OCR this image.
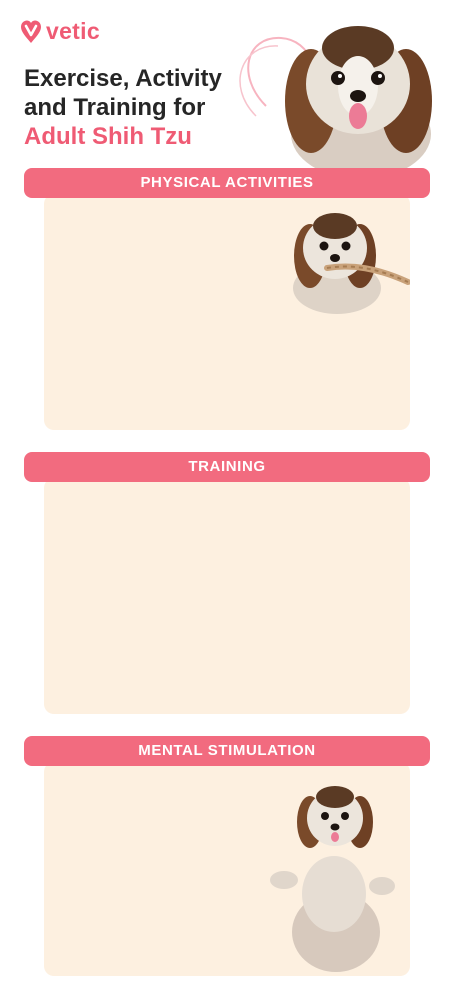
vetic
Exercise, Activity
and Training for
Adult Shih Tzu
PHYSICAL ACTIVITIES
•
•
•
•
•
•
•
TRAINING
•
•
•
•
•
•
MENTAL STIMULATION
•
•
•
•
•
